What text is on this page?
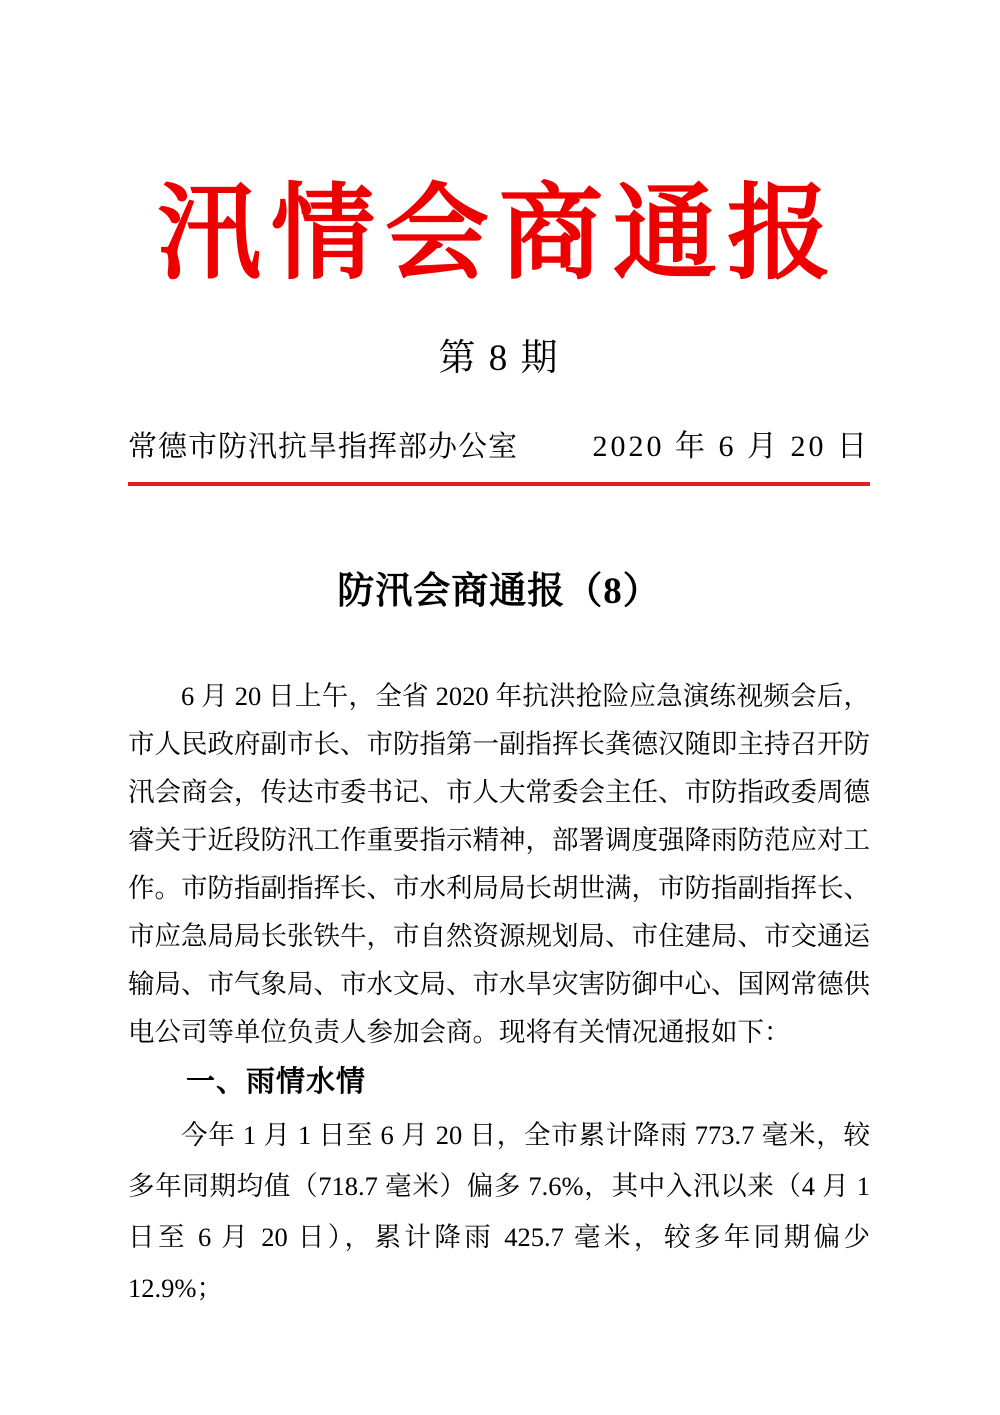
汛情会商通报
第 8 期
常德市防汛抗旱指挥部办公室 2020 年 6 月 20 日
防汛会商通报（8）

6 月 20 日上午，全省 2020 年抗洪抢险应急演练视频会后，市人民政府副市长、市防指第一副指挥长龚德汉随即主持召开防汛会商会，传达市委书记、市人大常委会主任、市防指政委周德睿关于近段防汛工作重要指示精神，部署调度强降雨防范应对工作。市防指副指挥长、市水利局局长胡世满，市防指副指挥长、市应急局局长张铁牛，市自然资源规划局、市住建局、市交通运输局、市气象局、市水文局、市水旱灾害防御中心、国网常德供电公司等单位负责人参加会商。现将有关情况通报如下：

一、雨情水情

今年 1 月 1 日至 6 月 20 日，全市累计降雨 773.7 毫米，较多年同期均值（718.7 毫米）偏多 7.6%，其中入汛以来（4 月 1 日至 6 月 20 日），累计降雨 425.7 毫米，较多年同期偏少 12.9%；
